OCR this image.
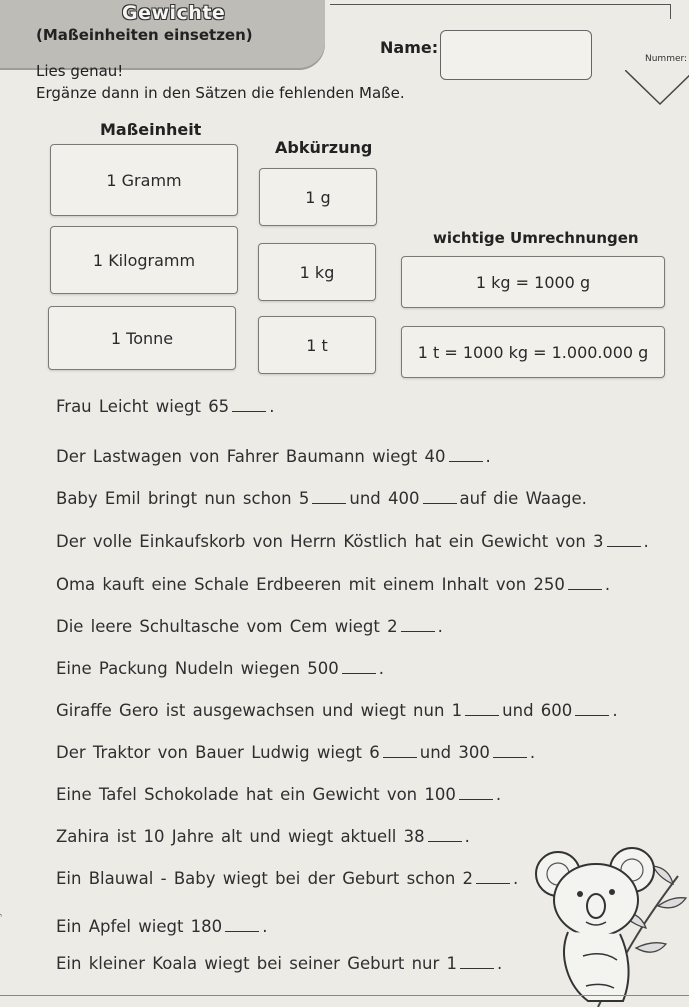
Gewichte
(Maßeinheiten einsetzen)
Name:
Nummer:
Lies genau!
Ergänze dann in den Sätzen die fehlenden Maße.
Maßeinheit
Abkürzung
wichtige Umrechnungen
1 Gramm
1 g
1 Kilogramm
1 kg
1 kg = 1000 g
1 Tonne	1 t	1 t = 1000 kg = 1.000.000 g
Frau Leicht wiegt 65 .
Der Lastwagen von Fahrer Baumann wiegt 40 .
Baby Emil bringt nun schon 5 und 400 auf die Waage.
Der volle Einkaufskorb von Herrn Köstlich hat ein Gewicht von 3 .
Oma kauft eine Schale Erdbeeren mit einem Inhalt von 250 .
Die leere Schultasche vom Cem wiegt 2 .
Eine Packung Nudeln wiegen 500 .
Giraffe Gero ist ausgewachsen und wiegt nun 1 und 600 .
Der Traktor von Bauer Ludwig wiegt 6 und 300 .
Eine Tafel Schokolade hat ein Gewicht von 100 .
Zahira ist 10 Jahre alt und wiegt aktuell 38 .
Ein Blauwal - Baby wiegt bei der Geburt schon 2 .
Ein Apfel wiegt 180 .
Ein kleiner Koala wiegt bei seiner Geburt nur 1 .
